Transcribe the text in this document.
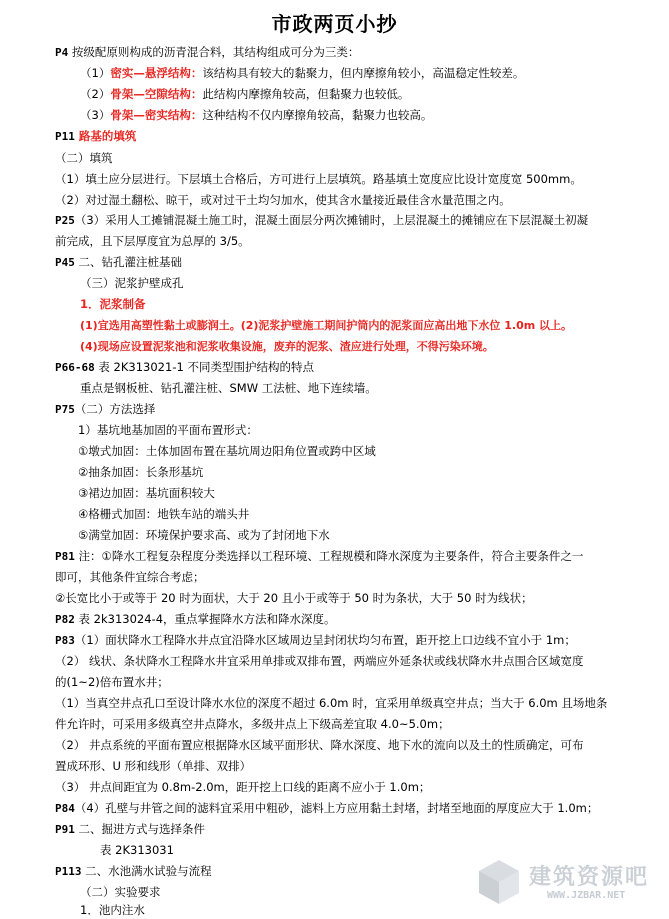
市政两页小抄
P4 按级配原则构成的沥青混合料，其结构组成可分为三类：
（1）密实—悬浮结构：该结构具有较大的黏聚力，但内摩擦角较小，高温稳定性较差。
（2）骨架—空隙结构：此结构内摩擦角较高，但黏聚力也较低。
（3）骨架—密实结构：这种结构不仅内摩擦角较高，黏聚力也较高。
P11 路基的填筑
（二）填筑
（1）填土应分层进行。下层填土合格后，方可进行上层填筑。路基填土宽度应比设计宽度宽 500mm。
（2）对过湿土翻松、晾干，或对过干土均匀加水，使其含水量接近最佳含水量范围之内。
P25（3）采用人工摊铺混凝土施工时，混凝土面层分两次摊铺时，上层混凝土的摊铺应在下层混凝土初凝
前完成，且下层厚度宜为总厚的 3/5。
P45 二、钻孔灌注桩基础
（三）泥浆护壁成孔
1．泥浆制备
(1)宜选用高塑性黏土或膨润土。(2)泥浆护壁施工期间护筒内的泥浆面应高出地下水位 1.0m 以上。
(4)现场应设置泥浆池和泥浆收集设施，废弃的泥浆、渣应进行处理，不得污染环境。
P66-68 表 2K313021-1 不同类型围护结构的特点
重点是钢板桩、钻孔灌注桩、SMW 工法桩、地下连续墙。
P75（二）方法选择
1）基坑地基加固的平面布置形式：
①墩式加固：土体加固布置在基坑周边阳角位置或跨中区域
②抽条加固：长条形基坑
③裙边加固：基坑面积较大
④格栅式加固：地铁车站的端头井
⑤满堂加固：环境保护要求高、或为了封闭地下水
P81 注：①降水工程复杂程度分类选择以工程环境、工程规模和降水深度为主要条件，符合主要条件之一
即可，其他条件宜综合考虑；
②长宽比小于或等于 20 时为面状，大于 20 且小于或等于 50 时为条状，大于 50 时为线状；
P82 表 2k313024-4，重点掌握降水方法和降水深度。
P83（1）面状降水工程降水井点宜沿降水区域周边呈封闭状均匀布置，距开挖上口边线不宜小于 1m；
（2） 线状、条状降水工程降水井宜采用单排或双排布置，两端应外延条状或线状降水井点围合区域宽度
的(1~2)倍布置水井；
（1）当真空井点孔口至设计降水水位的深度不超过 6.0m 时，宜采用单级真空井点；当大于 6.0m 且场地条
件允许时，可采用多级真空井点降水，多级井点上下级高差宜取 4.0~5.0m；
（2） 井点系统的平面布置应根据降水区域平面形状、降水深度、地下水的流向以及土的性质确定，可布
置成环形、U 形和线形（单排、双排）
（3） 井点间距宜为 0.8m-2.0m，距开挖上口线的距离不应小于 1.0m；
P84（4）孔壁与井管之间的滤料宜采用中粗砂，滤料上方应用黏土封堵，封堵至地面的厚度应大于 1.0m；
P91 二、掘进方式与选择条件
表 2K313031
P113 二、水池满水试验与流程
（二）实验要求
1．池内注水
建筑资源吧
WWW.JZBAR.NET
